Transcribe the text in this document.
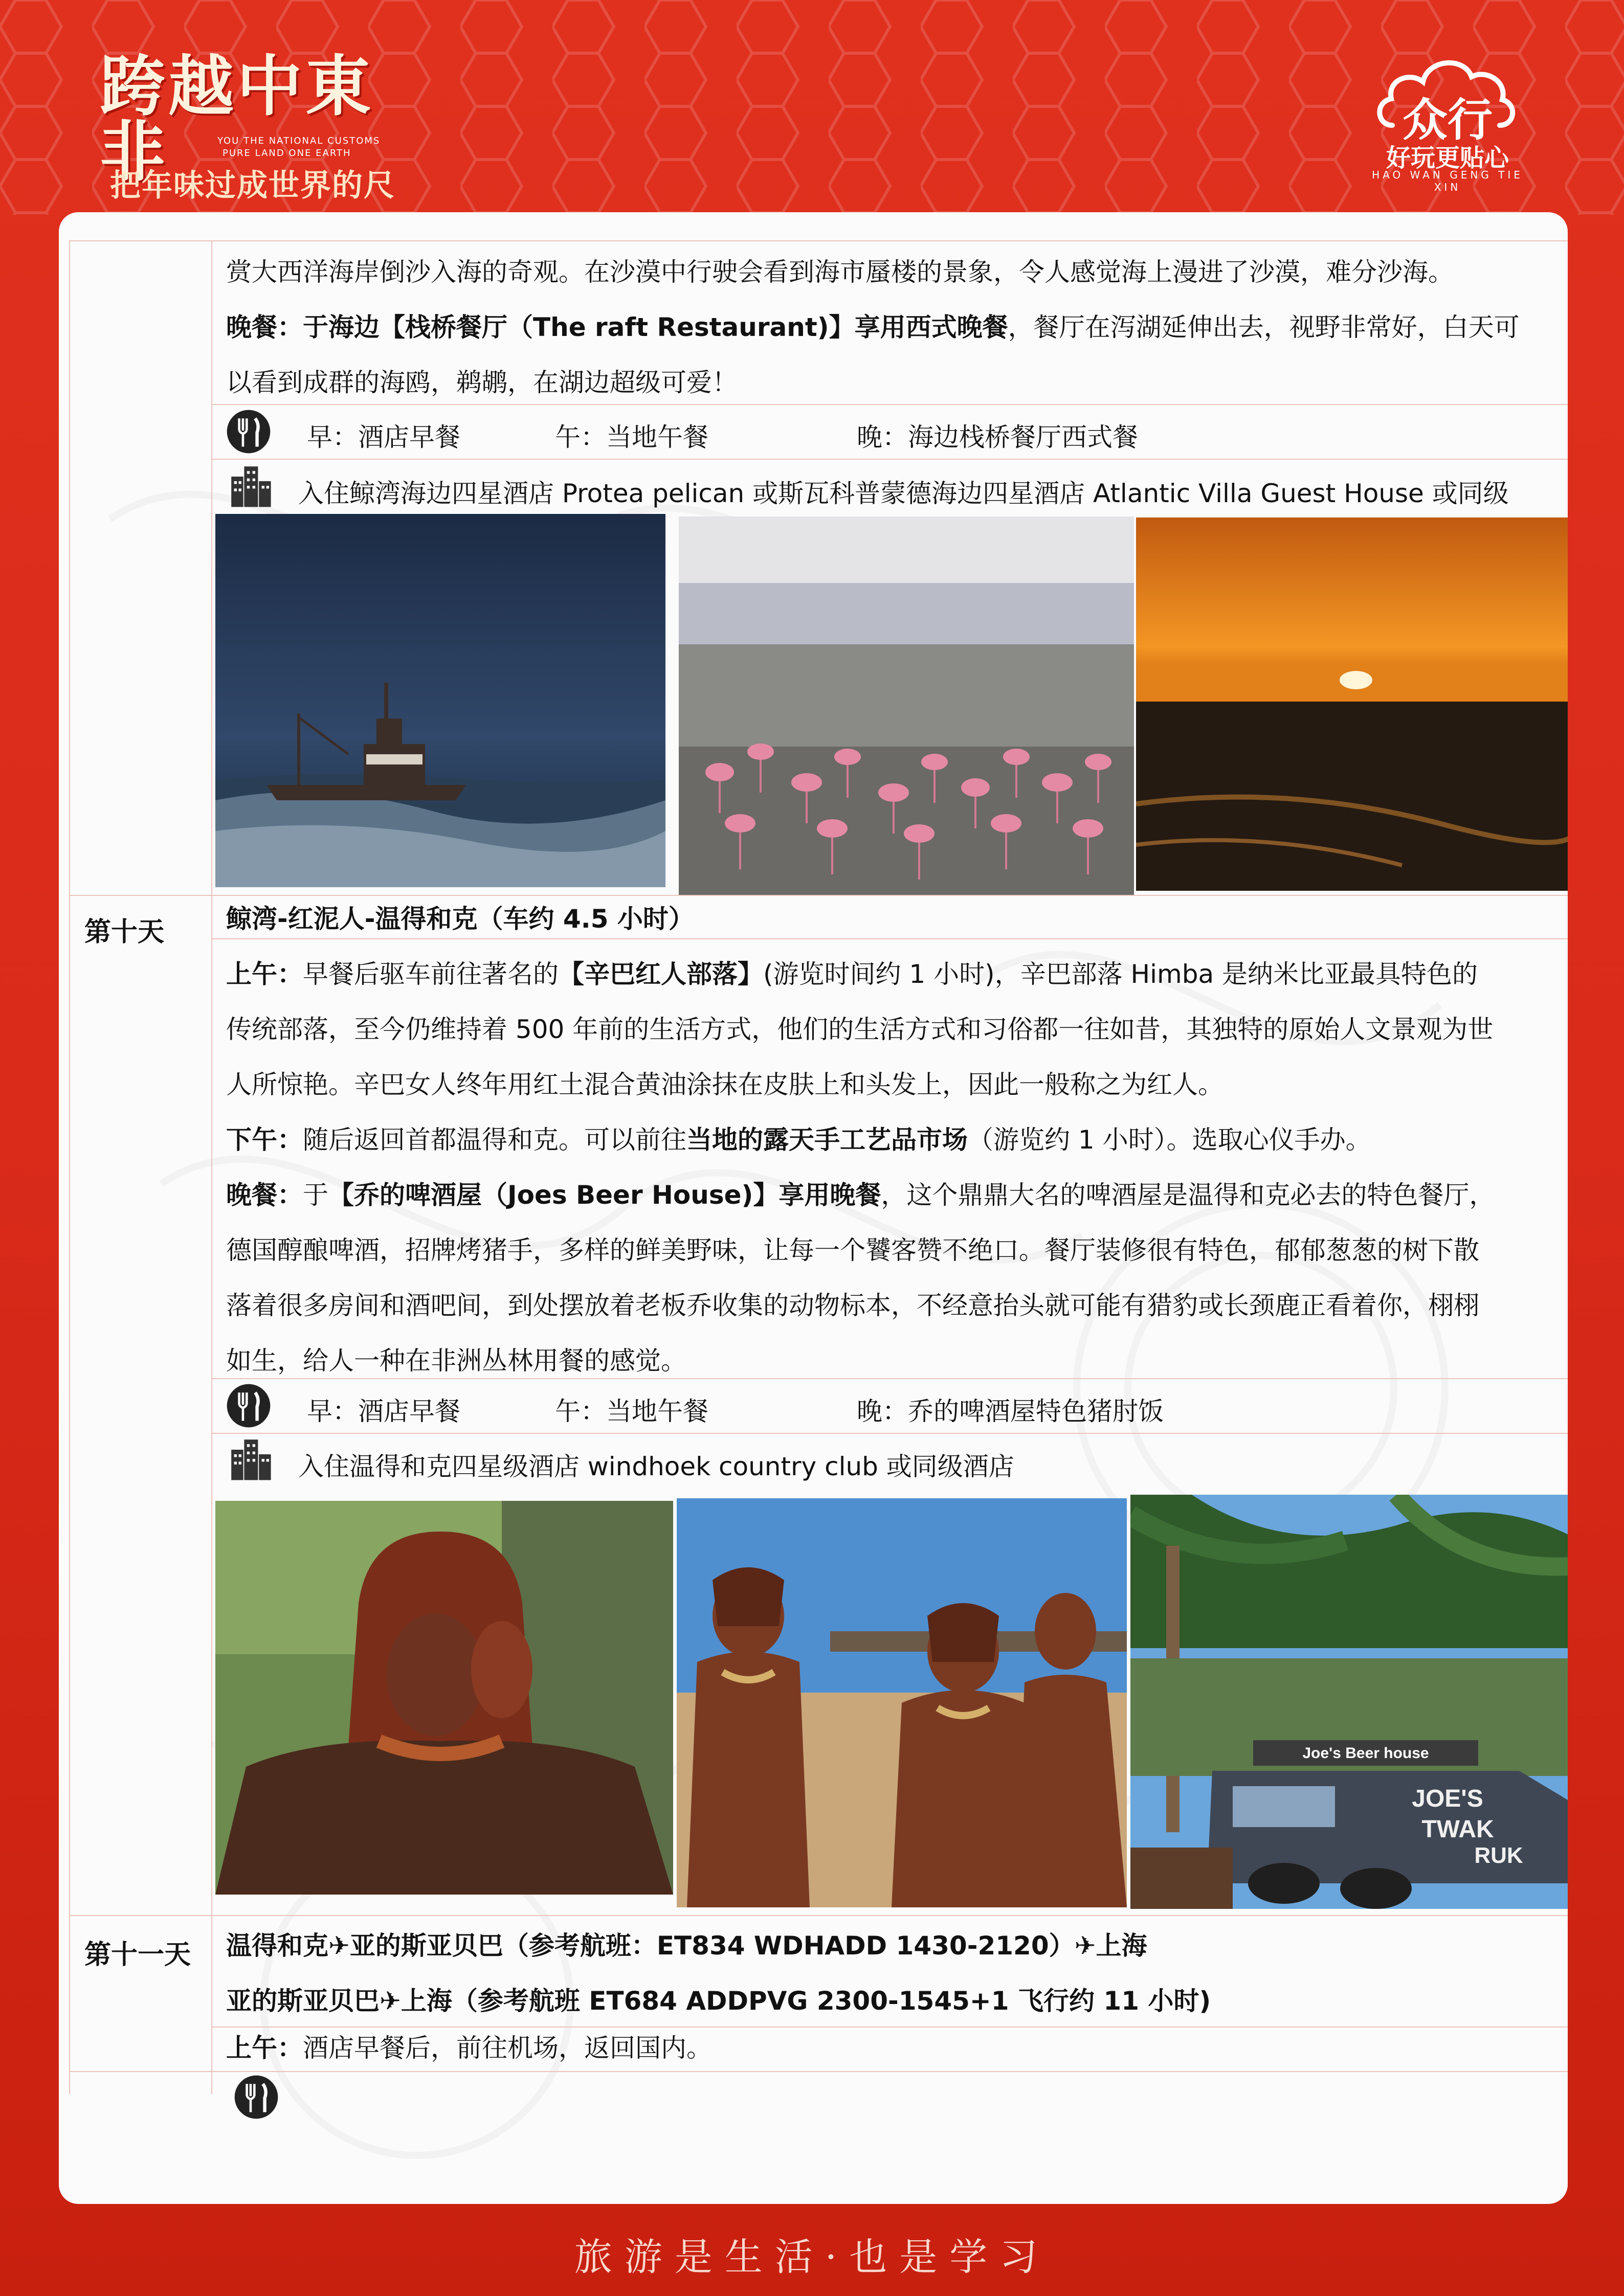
跨越中東非	YOU THE NATIONAL CUSTOMS
PURE LAND ONE EARTH
把年味过成世界的尺
众行
好玩更贴心
HAO WAN GENG TIE XIN
赏大西洋海岸倒沙入海的奇观。在沙漠中行驶会看到海市蜃楼的景象，令人感觉海上漫进了沙漠，难分沙海。
晚餐：于海边【栈桥餐厅（The raft Restaurant)】享用西式晚餐，餐厅在泻湖延伸出去，视野非常好，白天可
以看到成群的海鸥，鹈鹕，在湖边超级可爱！
早：酒店早餐	午：当地午餐	晚：海边栈桥餐厅西式餐
入住鲸湾海边四星酒店 Protea pelican 或斯瓦科普蒙德海边四星酒店 Atlantic Villa Guest House 或同级
第十天 鲸湾-红泥人-温得和克（车约 4.5 小时）
上午：早餐后驱车前往著名的【辛巴红人部落】(游览时间约 1 小时)，辛巴部落 Himba 是纳米比亚最具特色的
传统部落，至今仍维持着 500 年前的生活方式，他们的生活方式和习俗都一往如昔，其独特的原始人文景观为世
人所惊艳。辛巴女人终年用红土混合黄油涂抹在皮肤上和头发上，因此一般称之为红人。
下午：随后返回首都温得和克。可以前往当地的露天手工艺品市场（游览约 1 小时）。选取心仪手办。
晚餐：于【乔的啤酒屋（Joes Beer House)】享用晚餐，这个鼎鼎大名的啤酒屋是温得和克必去的特色餐厅，
德国醇酿啤酒，招牌烤猪手，多样的鲜美野味，让每一个饕客赞不绝口。餐厅装修很有特色，郁郁葱葱的树下散
落着很多房间和酒吧间，到处摆放着老板乔收集的动物标本，不经意抬头就可能有猎豹或长颈鹿正看着你，栩栩
如生，给人一种在非洲丛林用餐的感觉。
早：酒店早餐	午：当地午餐	晚：乔的啤酒屋特色猪肘饭
入住温得和克四星级酒店 windhoek country club 或同级酒店
Joe's Beer house
JOE'S
TWAK
RUK
第十一天 温得和克✈亚的斯亚贝巴（参考航班：ET834 WDHADD 1430-2120）✈上海
亚的斯亚贝巴✈上海（参考航班 ET684 ADDPVG 2300-1545+1 飞行约 11 小时)
上午：酒店早餐后，前往机场，返回国内。
旅游是生活·也是学习
